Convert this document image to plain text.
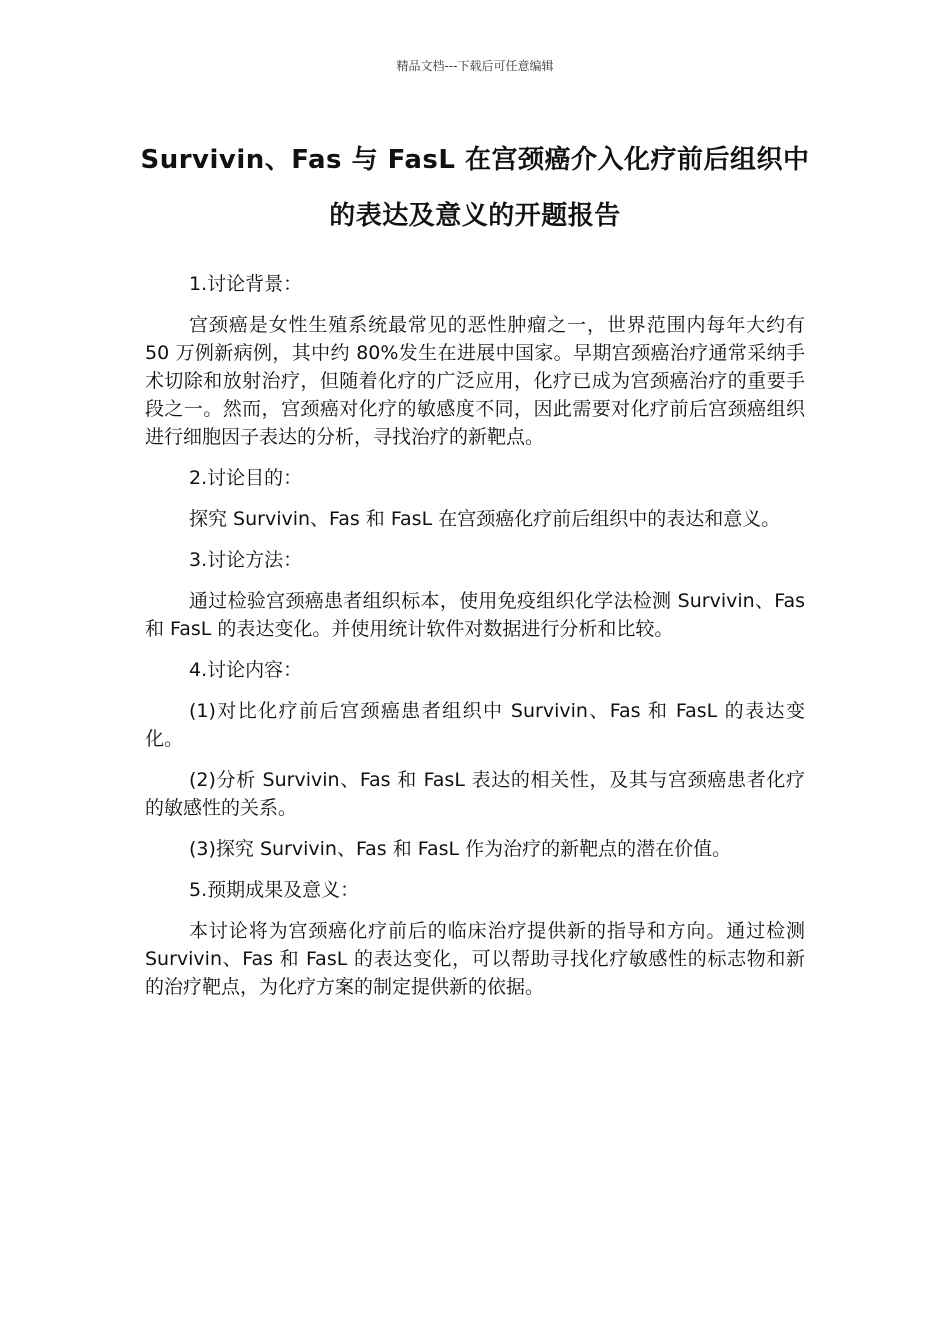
精品文档---下载后可任意编辑
Survivin、Fas 与 FasL 在宫颈癌介入化疗前后组织中的表达及意义的开题报告

1.讨论背景：

宫颈癌是女性生殖系统最常见的恶性肿瘤之一，世界范围内每年大约有 50 万例新病例，其中约 80%发生在进展中国家。早期宫颈癌治疗通常采纳手术切除和放射治疗，但随着化疗的广泛应用，化疗已成为宫颈癌治疗的重要手段之一。然而，宫颈癌对化疗的敏感度不同，因此需要对化疗前后宫颈癌组织进行细胞因子表达的分析，寻找治疗的新靶点。

2.讨论目的：

探究 Survivin、Fas 和 FasL 在宫颈癌化疗前后组织中的表达和意义。

3.讨论方法：

通过检验宫颈癌患者组织标本，使用免疫组织化学法检测 Survivin、Fas 和 FasL 的表达变化。并使用统计软件对数据进行分析和比较。

4.讨论内容：

(1)对比化疗前后宫颈癌患者组织中 Survivin、Fas 和 FasL 的表达变化。

(2)分析 Survivin、Fas 和 FasL 表达的相关性，及其与宫颈癌患者化疗的敏感性的关系。

(3)探究 Survivin、Fas 和 FasL 作为治疗的新靶点的潜在价值。

5.预期成果及意义：

本讨论将为宫颈癌化疗前后的临床治疗提供新的指导和方向。通过检测 Survivin、Fas 和 FasL 的表达变化，可以帮助寻找化疗敏感性的标志物和新的治疗靶点，为化疗方案的制定提供新的依据。
